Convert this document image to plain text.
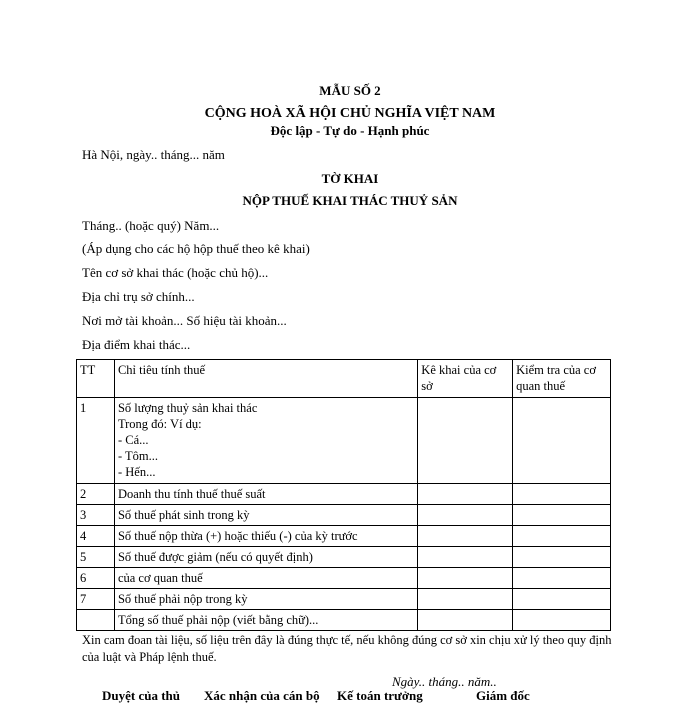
MẪU SỐ 2
CỘNG HOÀ XÃ HỘI CHỦ NGHĨA VIỆT NAM
Độc lập - Tự do - Hạnh phúc
Hà Nội, ngày.. tháng... năm
TỜ KHAI
NỘP THUẾ KHAI THÁC THUỶ SẢN
Tháng.. (hoặc quý) Năm...
(Áp dụng cho các hộ hộp thuế theo kê khai)
Tên cơ sở khai thác (hoặc chủ hộ)...
Địa chỉ trụ sở chính...
Nơi mở tài khoản... Số hiệu tài khoản...
Địa điểm khai thác...
TT	Chỉ tiêu tính thuế	Kê khai của cơ sở	Kiểm tra của cơ quan thuế
1	Số lượng thuỷ sản khai thác
Trong đó: Ví dụ:
- Cá...
- Tôm...
- Hến...		

2	Doanh thu tính thuế thuế suất		
3	Số thuế phát sinh trong kỳ		
4	Số thuế nộp thừa (+) hoặc thiếu (-) của kỳ trước		
5	Số thuế được giảm (nếu có quyết định)		
6	của cơ quan thuế		
7	Số thuế phải nộp trong kỳ		
	Tổng số thuế phải nộp (viết bằng chữ)...		
Xin cam đoan tài liệu, số liệu trên đây là đúng thực tế, nếu không đúng cơ sở xin chịu xử lý theo quy định của luật và Pháp lệnh thuế.
Ngày.. tháng.. năm..
Duyệt của thủ Xác nhận của cán bộ Kế toán trưởng	Giám đốc
